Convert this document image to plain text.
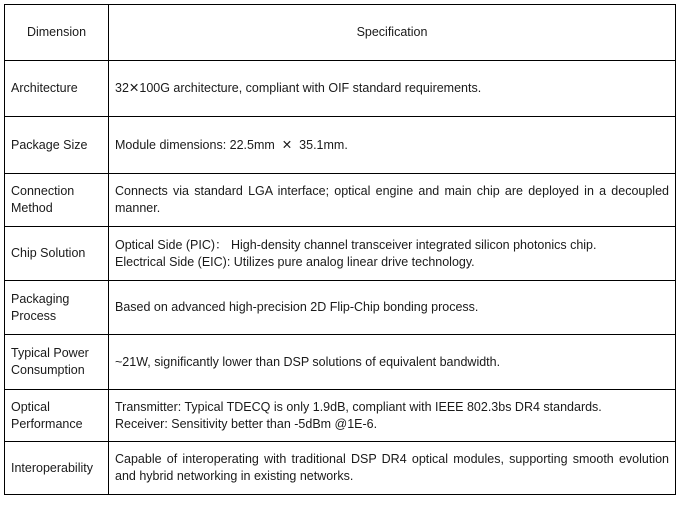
Dimension	Specification
Architecture	32✕100G architecture, compliant with OIF standard requirements.

Package Size	Module dimensions: 22.5mm  ✕  35.1mm.

Connection Method	Connects via standard LGA interface; optical engine and main chip are deployed in a decoupled manner.

Chip Solution	Optical Side (PIC)： High-density channel transceiver integrated silicon photonics chip.
Electrical Side (EIC): Utilizes pure analog linear drive technology.

Packaging Process	Based on advanced high-precision 2D Flip-Chip bonding process.

Typical Power Consumption	~21W, significantly lower than DSP solutions of equivalent bandwidth.

Optical Performance	Transmitter: Typical TDECQ is only 1.9dB, compliant with IEEE 802.3bs DR4 standards.
Receiver: Sensitivity better than -5dBm @1E-6.

Interoperability	Capable of interoperating with traditional DSP DR4 optical modules, supporting smooth evolution and hybrid networking in existing networks.
